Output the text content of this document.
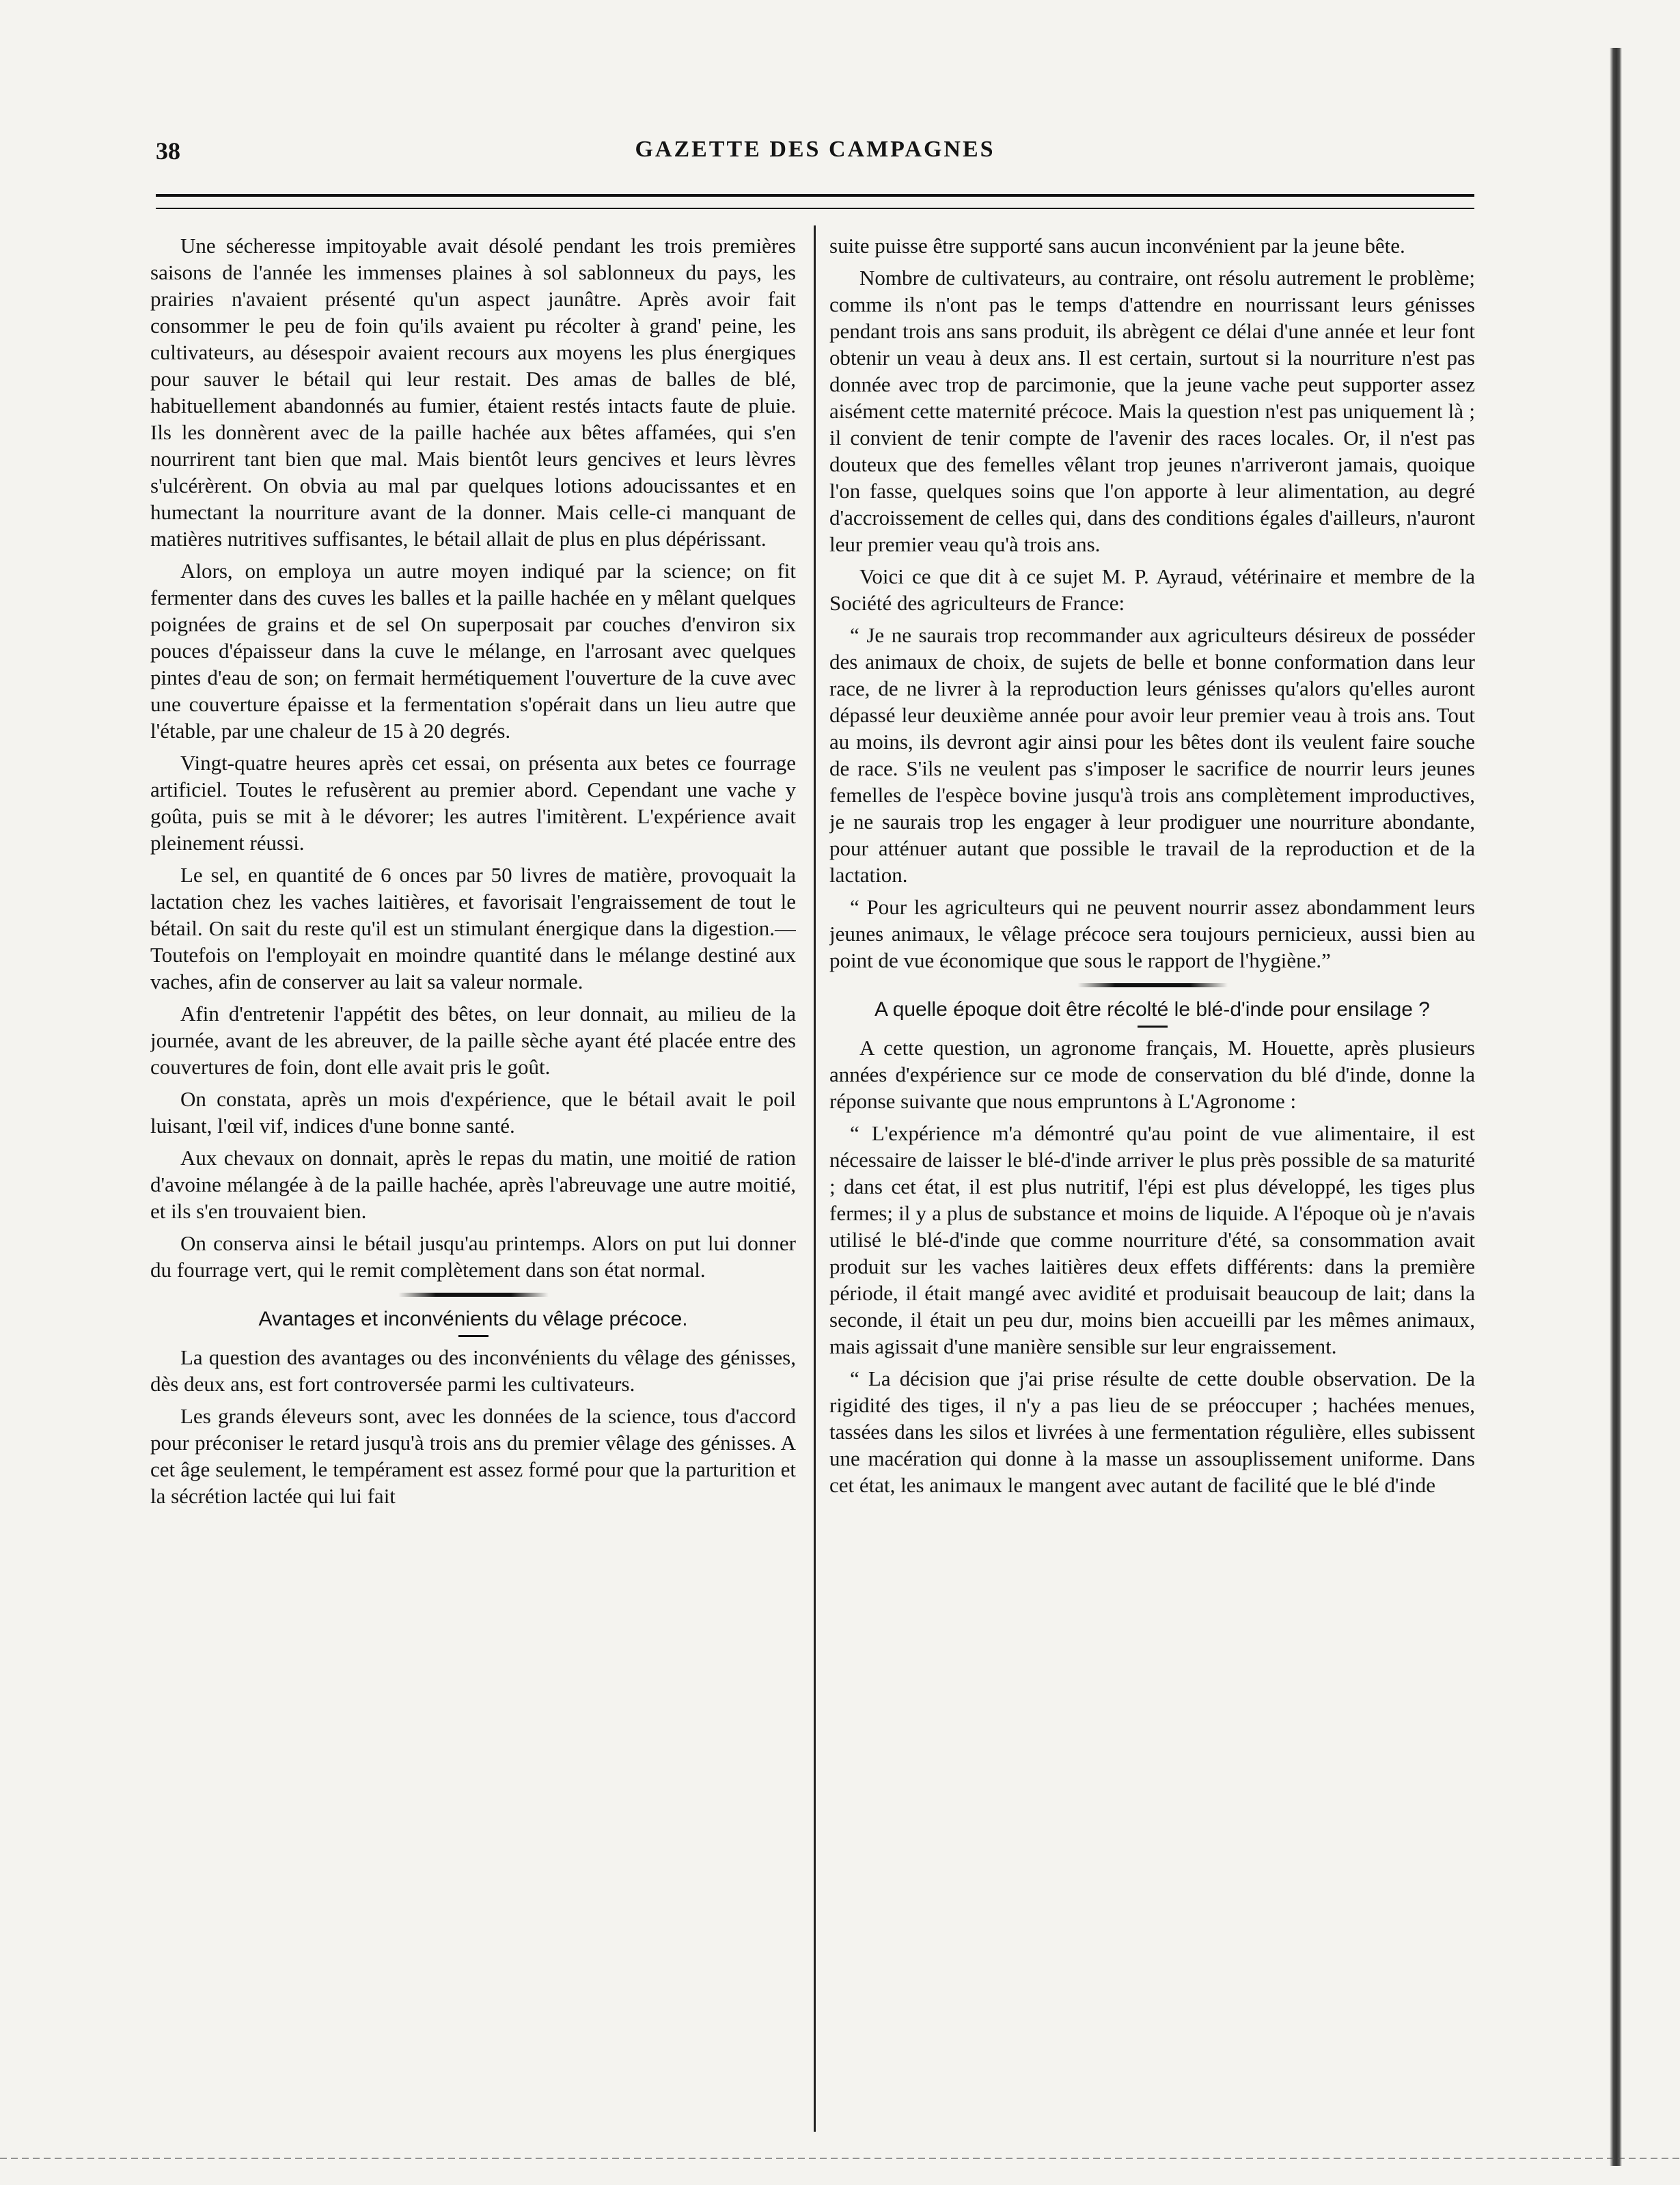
38	GAZETTE DES CAMPAGNES

Une sécheresse impitoyable avait désolé pendant les trois premières saisons de l'année les immenses plaines à sol sablonneux du pays, les prairies n'avaient présenté qu'un aspect jaunâtre. Après avoir fait consommer le peu de foin qu'ils avaient pu récolter à grand' peine, les cultivateurs, au désespoir avaient recours aux moyens les plus énergiques pour sauver le bétail qui leur restait. Des amas de balles de blé, habituellement abandonnés au fumier, étaient restés intacts faute de pluie. Ils les donnèrent avec de la paille hachée aux bêtes affamées, qui s'en nourrirent tant bien que mal. Mais bientôt leurs gencives et leurs lèvres s'ulcérèrent. On obvia au mal par quelques lotions adoucissantes et en humectant la nourriture avant de la donner. Mais celle-ci manquant de matières nutritives suffisantes, le bétail allait de plus en plus dépérissant.

Alors, on employa un autre moyen indiqué par la science; on fit fermenter dans des cuves les balles et la paille hachée en y mêlant quelques poignées de grains et de sel On superposait par couches d'environ six pouces d'épaisseur dans la cuve le mélange, en l'arrosant avec quelques pintes d'eau de son; on fermait hermétiquement l'ouverture de la cuve avec une couverture épaisse et la fermentation s'opérait dans un lieu autre que l'étable, par une chaleur de 15 à 20 degrés.

Vingt-quatre heures après cet essai, on présenta aux betes ce fourrage artificiel. Toutes le refusèrent au premier abord. Cependant une vache y goûta, puis se mit à le dévorer; les autres l'imitèrent. L'expérience avait pleinement réussi.

Le sel, en quantité de 6 onces par 50 livres de matière, provoquait la lactation chez les vaches laitières, et favorisait l'engraissement de tout le bétail. On sait du reste qu'il est un stimulant énergique dans la digestion.—Toutefois on l'employait en moindre quantité dans le mélange destiné aux vaches, afin de conserver au lait sa valeur normale.

Afin d'entretenir l'appétit des bêtes, on leur donnait, au milieu de la journée, avant de les abreuver, de la paille sèche ayant été placée entre des couvertures de foin, dont elle avait pris le goût.

On constata, après un mois d'expérience, que le bétail avait le poil luisant, l'œil vif, indices d'une bonne santé.

Aux chevaux on donnait, après le repas du matin, une moitié de ration d'avoine mélangée à de la paille hachée, après l'abreuvage une autre moitié, et ils s'en trouvaient bien.

On conserva ainsi le bétail jusqu'au printemps. Alors on put lui donner du fourrage vert, qui le remit complètement dans son état normal.

Avantages et inconvénients du vêlage précoce.

La question des avantages ou des inconvénients du vêlage des génisses, dès deux ans, est fort controversée parmi les cultivateurs.

Les grands éleveurs sont, avec les données de la science, tous d'accord pour préconiser le retard jusqu'à trois ans du premier vêlage des génisses. A cet âge seulement, le tempérament est assez formé pour que la parturition et la sécrétion lactée qui lui fait

suite puisse être supporté sans aucun inconvénient par la jeune bête.

Nombre de cultivateurs, au contraire, ont résolu autrement le problème; comme ils n'ont pas le temps d'attendre en nourrissant leurs génisses pendant trois ans sans produit, ils abrègent ce délai d'une année et leur font obtenir un veau à deux ans. Il est certain, surtout si la nourriture n'est pas donnée avec trop de parcimonie, que la jeune vache peut supporter assez aisément cette maternité précoce. Mais la question n'est pas uniquement là ; il convient de tenir compte de l'avenir des races locales. Or, il n'est pas douteux que des femelles vêlant trop jeunes n'arriveront jamais, quoique l'on fasse, quelques soins que l'on apporte à leur alimentation, au degré d'accroissement de celles qui, dans des conditions égales d'ailleurs, n'auront leur premier veau qu'à trois ans.

Voici ce que dit à ce sujet M. P. Ayraud, vétérinaire et membre de la Société des agriculteurs de France:

“ Je ne saurais trop recommander aux agriculteurs désireux de posséder des animaux de choix, de sujets de belle et bonne conformation dans leur race, de ne livrer à la reproduction leurs génisses qu'alors qu'elles auront dépassé leur deuxième année pour avoir leur premier veau à trois ans. Tout au moins, ils devront agir ainsi pour les bêtes dont ils veulent faire souche de race. S'ils ne veulent pas s'imposer le sacrifice de nourrir leurs jeunes femelles de l'espèce bovine jusqu'à trois ans complètement improductives, je ne saurais trop les engager à leur prodiguer une nourriture abondante, pour atténuer autant que possible le travail de la reproduction et de la lactation.

“ Pour les agriculteurs qui ne peuvent nourrir assez abondamment leurs jeunes animaux, le vêlage précoce sera toujours pernicieux, aussi bien au point de vue économique que sous le rapport de l'hygiène.”

A quelle époque doit être récolté le blé-d'inde pour ensilage ?

A cette question, un agronome français, M. Houette, après plusieurs années d'expérience sur ce mode de conservation du blé d'inde, donne la réponse suivante que nous empruntons à L'Agronome :

“ L'expérience m'a démontré qu'au point de vue alimentaire, il est nécessaire de laisser le blé-d'inde arriver le plus près possible de sa maturité ; dans cet état, il est plus nutritif, l'épi est plus développé, les tiges plus fermes; il y a plus de substance et moins de liquide. A l'époque où je n'avais utilisé le blé-d'inde que comme nourriture d'été, sa consommation avait produit sur les vaches laitières deux effets différents: dans la première période, il était mangé avec avidité et produisait beaucoup de lait; dans la seconde, il était un peu dur, moins bien accueilli par les mêmes animaux, mais agissait d'une manière sensible sur leur engraissement.

“ La décision que j'ai prise résulte de cette double observation. De la rigidité des tiges, il n'y a pas lieu de se préoccuper ; hachées menues, tassées dans les silos et livrées à une fermentation régulière, elles subissent une macération qui donne à la masse un assouplissement uniforme. Dans cet état, les animaux le mangent avec autant de facilité que le blé d'inde
